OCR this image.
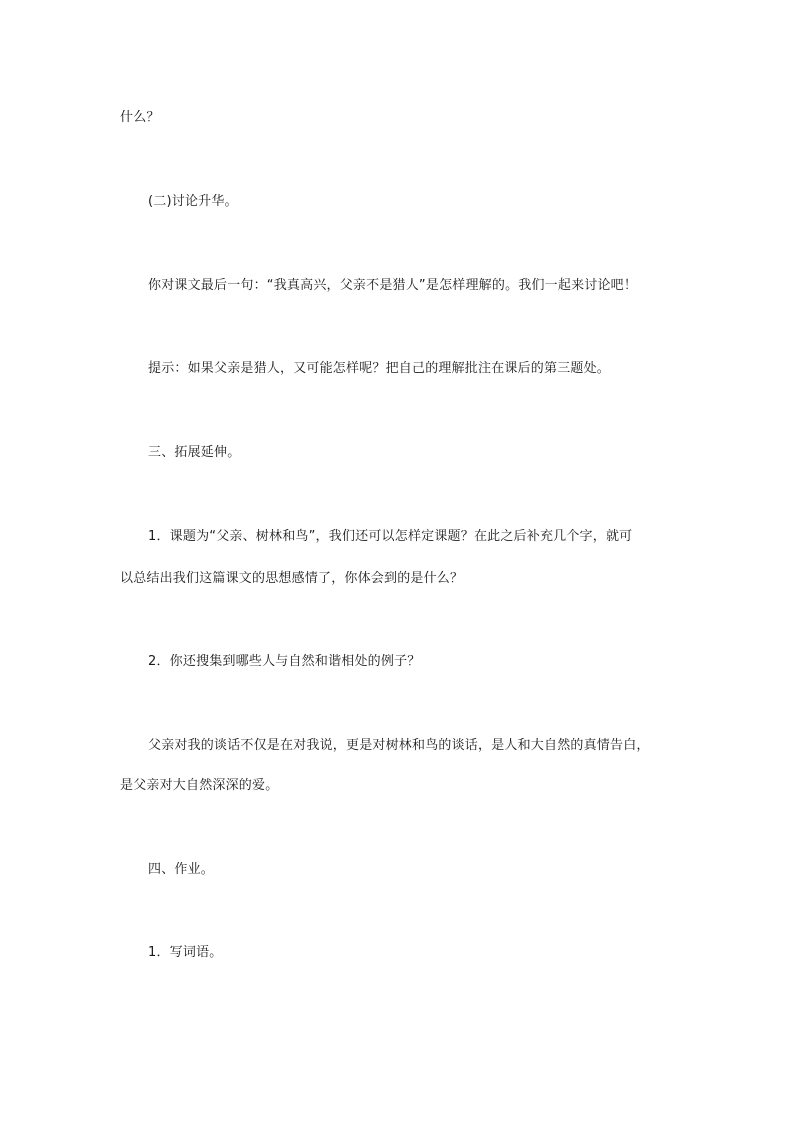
什么？

(二)讨论升华。

你对课文最后一句：“我真高兴，父亲不是猎人”是怎样理解的。我们一起来讨论吧！

提示：如果父亲是猎人，又可能怎样呢？把自己的理解批注在课后的第三题处。

三、拓展延伸。

1．课题为“父亲、树林和鸟”，我们还可以怎样定课题？在此之后补充几个字，就可

以总结出我们这篇课文的思想感情了，你体会到的是什么？

2．你还搜集到哪些人与自然和谐相处的例子？

父亲对我的谈话不仅是在对我说，更是对树林和鸟的谈话，是人和大自然的真情告白，

是父亲对大自然深深的爱。

四、作业。

1．写词语。
